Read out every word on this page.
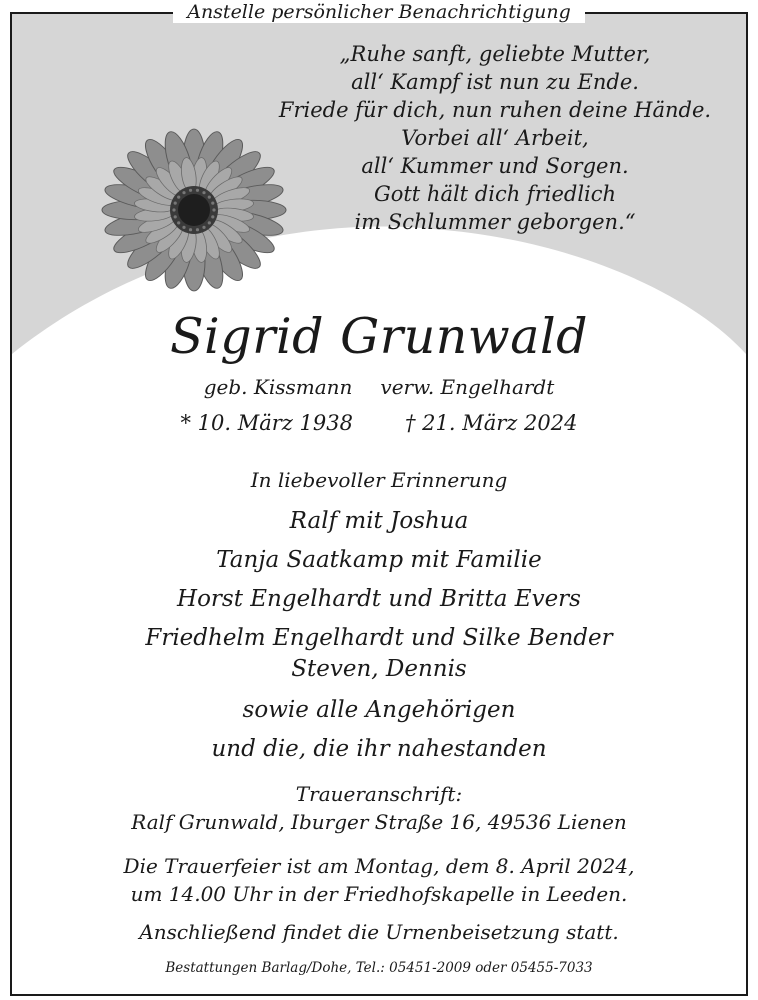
Anstelle persönlicher Benachrichtigung
„Ruhe sanft, geliebte Mutter,
all‘ Kampf ist nun zu Ende.
Friede für dich, nun ruhen deine Hände.
Vorbei all‘ Arbeit,
all‘ Kummer und Sorgen.
Gott hält dich friedlich
im Schlummer geborgen.“
Sigrid Grunwald
geb. Kissmann verw. Engelhardt
* 10. März 1938 † 21. März 2024
In liebevoller Erinnerung
Ralf mit Joshua
Tanja Saatkamp mit Familie
Horst Engelhardt und Britta Evers
Friedhelm Engelhardt und Silke Bender
Steven, Dennis
sowie alle Angehörigen
und die, die ihr nahestanden
Traueranschrift:
Ralf Grunwald, Iburger Straße 16, 49536 Lienen
Die Trauerfeier ist am Montag, dem 8. April 2024,
um 14.00 Uhr in der Friedhofskapelle in Leeden.
Anschließend findet die Urnenbeisetzung statt.
Bestattungen Barlag/Dohe, Tel.: 05451-2009 oder 05455-7033
